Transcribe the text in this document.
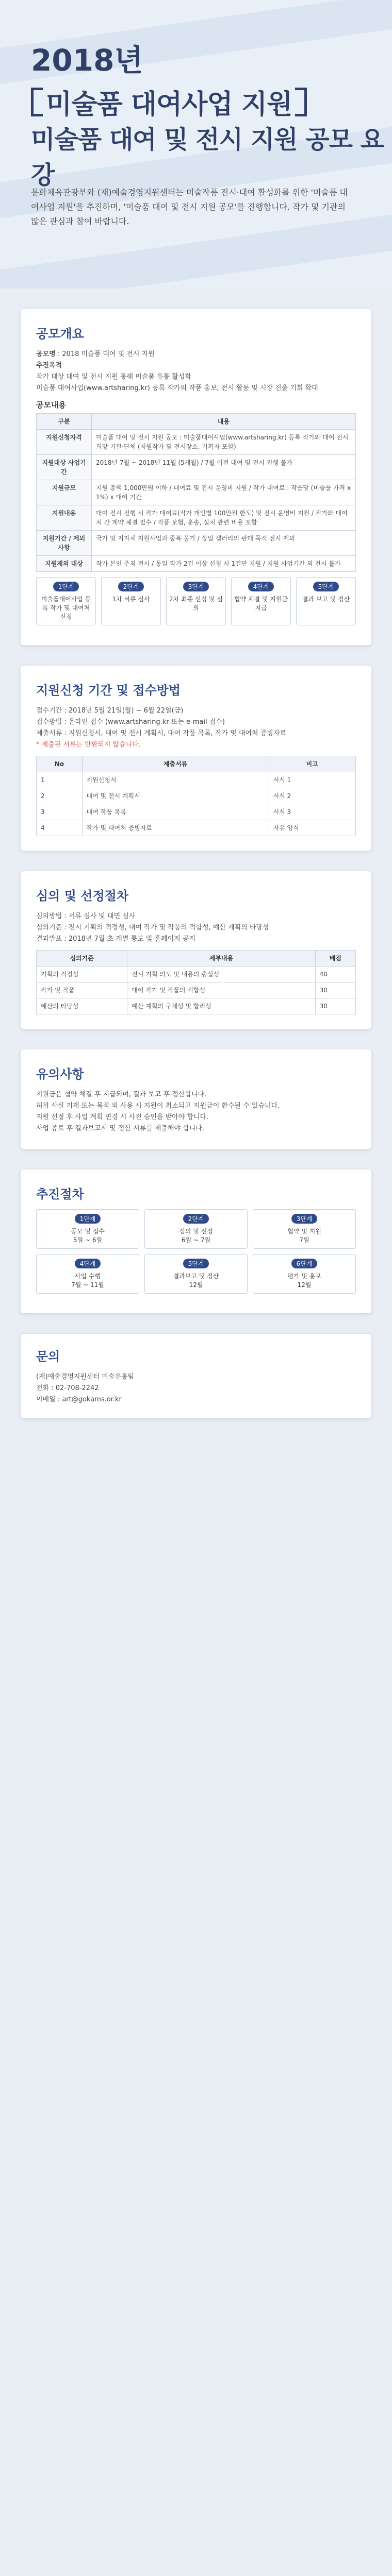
2018년
미술품 대여사업 지원
미술품 대여 및 전시 지원 공모 요강
문화체육관광부와 (재)예술경영지원센터는 미술작품 전시·대여 활성화를 위한 '미술품 대여사업 지원'을 추진하며, '미술품 대여 및 전시 지원 공모'를 진행합니다. 작가 및 기관의 많은 관심과 참여 바랍니다.
공모개요

공모명 : 2018 미술품 대여 및 전시 지원

추진목적

작가 대상 대여 및 전시 지원 통해 미술품 유통 활성화

미술품 대여사업(www.artsharing.kr) 등록 작가의 작품 홍보, 전시 활동 및 시장 진출 기회 확대

공모내용

구분	내용
지원신청자격	미술품 대여 및 전시 지원 공모 : 미술품대여사업(www.artsharing.kr) 등록 작가와 대여 전시 희망 기관·단체 (지원작가 및 전시장소, 기획자 포함)
지원대상 사업기간	2018년 7월 ~ 2018년 11월 (5개월) / 7월 이전 대여 및 전시 진행 불가
지원규모	지원 총액 1,000만원 이하 / 대여료 및 전시 운영비 지원 / 작가 대여료 : 작품당 (미술품 가격 x 1%) x 대여 기간
지원내용	대여 전시 진행 시 작가 대여료(작가 개인별 100만원 한도) 및 전시 운영비 지원 / 작가와 대여처 간 계약 체결 필수 / 작품 보험, 운송, 설치 관련 비용 포함
지원기간 / 제외사항	국가 및 지자체 지원사업과 중복 불가 / 상업 갤러리의 판매 목적 전시 제외
지원제외 대상	작가 본인 주최 전시 / 동일 작가 2건 이상 신청 시 1건만 지원 / 지원 사업기간 외 전시 불가
1단계
미술품대여사업 등록 작가 및 대여처 신청
2단계
1차 서류 심사
3단계
2차 최종 선정 및 심의
4단계
협약 체결 및 지원금 지급
5단계
결과 보고 및 정산
지원신청 기간 및 접수방법

접수기간 : 2018년 5월 21일(월) ~ 6월 22일(금)

접수방법 : 온라인 접수 (www.artsharing.kr 또는 e-mail 접수)

제출서류 : 지원신청서, 대여 및 전시 계획서, 대여 작품 목록, 작가 및 대여처 증빙자료

* 제출된 서류는 반환되지 않습니다.

No	제출서류	비고
1	지원신청서	서식 1
2	대여 및 전시 계획서	서식 2
3	대여 작품 목록	서식 3
4	작가 및 대여처 증빙자료	자유 양식
심의 및 선정절차

심의방법 : 서류 심사 및 대면 심사

심의기준 : 전시 기획의 적정성, 대여 작가 및 작품의 적합성, 예산 계획의 타당성

결과발표 : 2018년 7월 초 개별 통보 및 홈페이지 공지

심의기준	세부내용	배점
기획의 적정성	전시 기획 의도 및 내용의 충실성	40
작가 및 작품	대여 작가 및 작품의 적합성	30
예산의 타당성	예산 계획의 구체성 및 합리성	30
유의사항

지원금은 협약 체결 후 지급되며, 결과 보고 후 정산합니다.

허위 사실 기재 또는 목적 외 사용 시 지원이 취소되고 지원금이 환수될 수 있습니다.

지원 선정 후 사업 계획 변경 시 사전 승인을 받아야 합니다.

사업 종료 후 결과보고서 및 정산 서류를 제출해야 합니다.

추진절차
1단계
공모 및 접수
5월 ~ 6월
2단계
심의 및 선정
6월 ~ 7월
3단계
협약 및 지원
7월
4단계
사업 수행
7월 ~ 11월
5단계
결과보고 및 정산
12월
6단계
평가 및 홍보
12월
문의

(재)예술경영지원센터 미술유통팀

전화 : 02-708-2242

이메일 : art@gokams.or.kr
